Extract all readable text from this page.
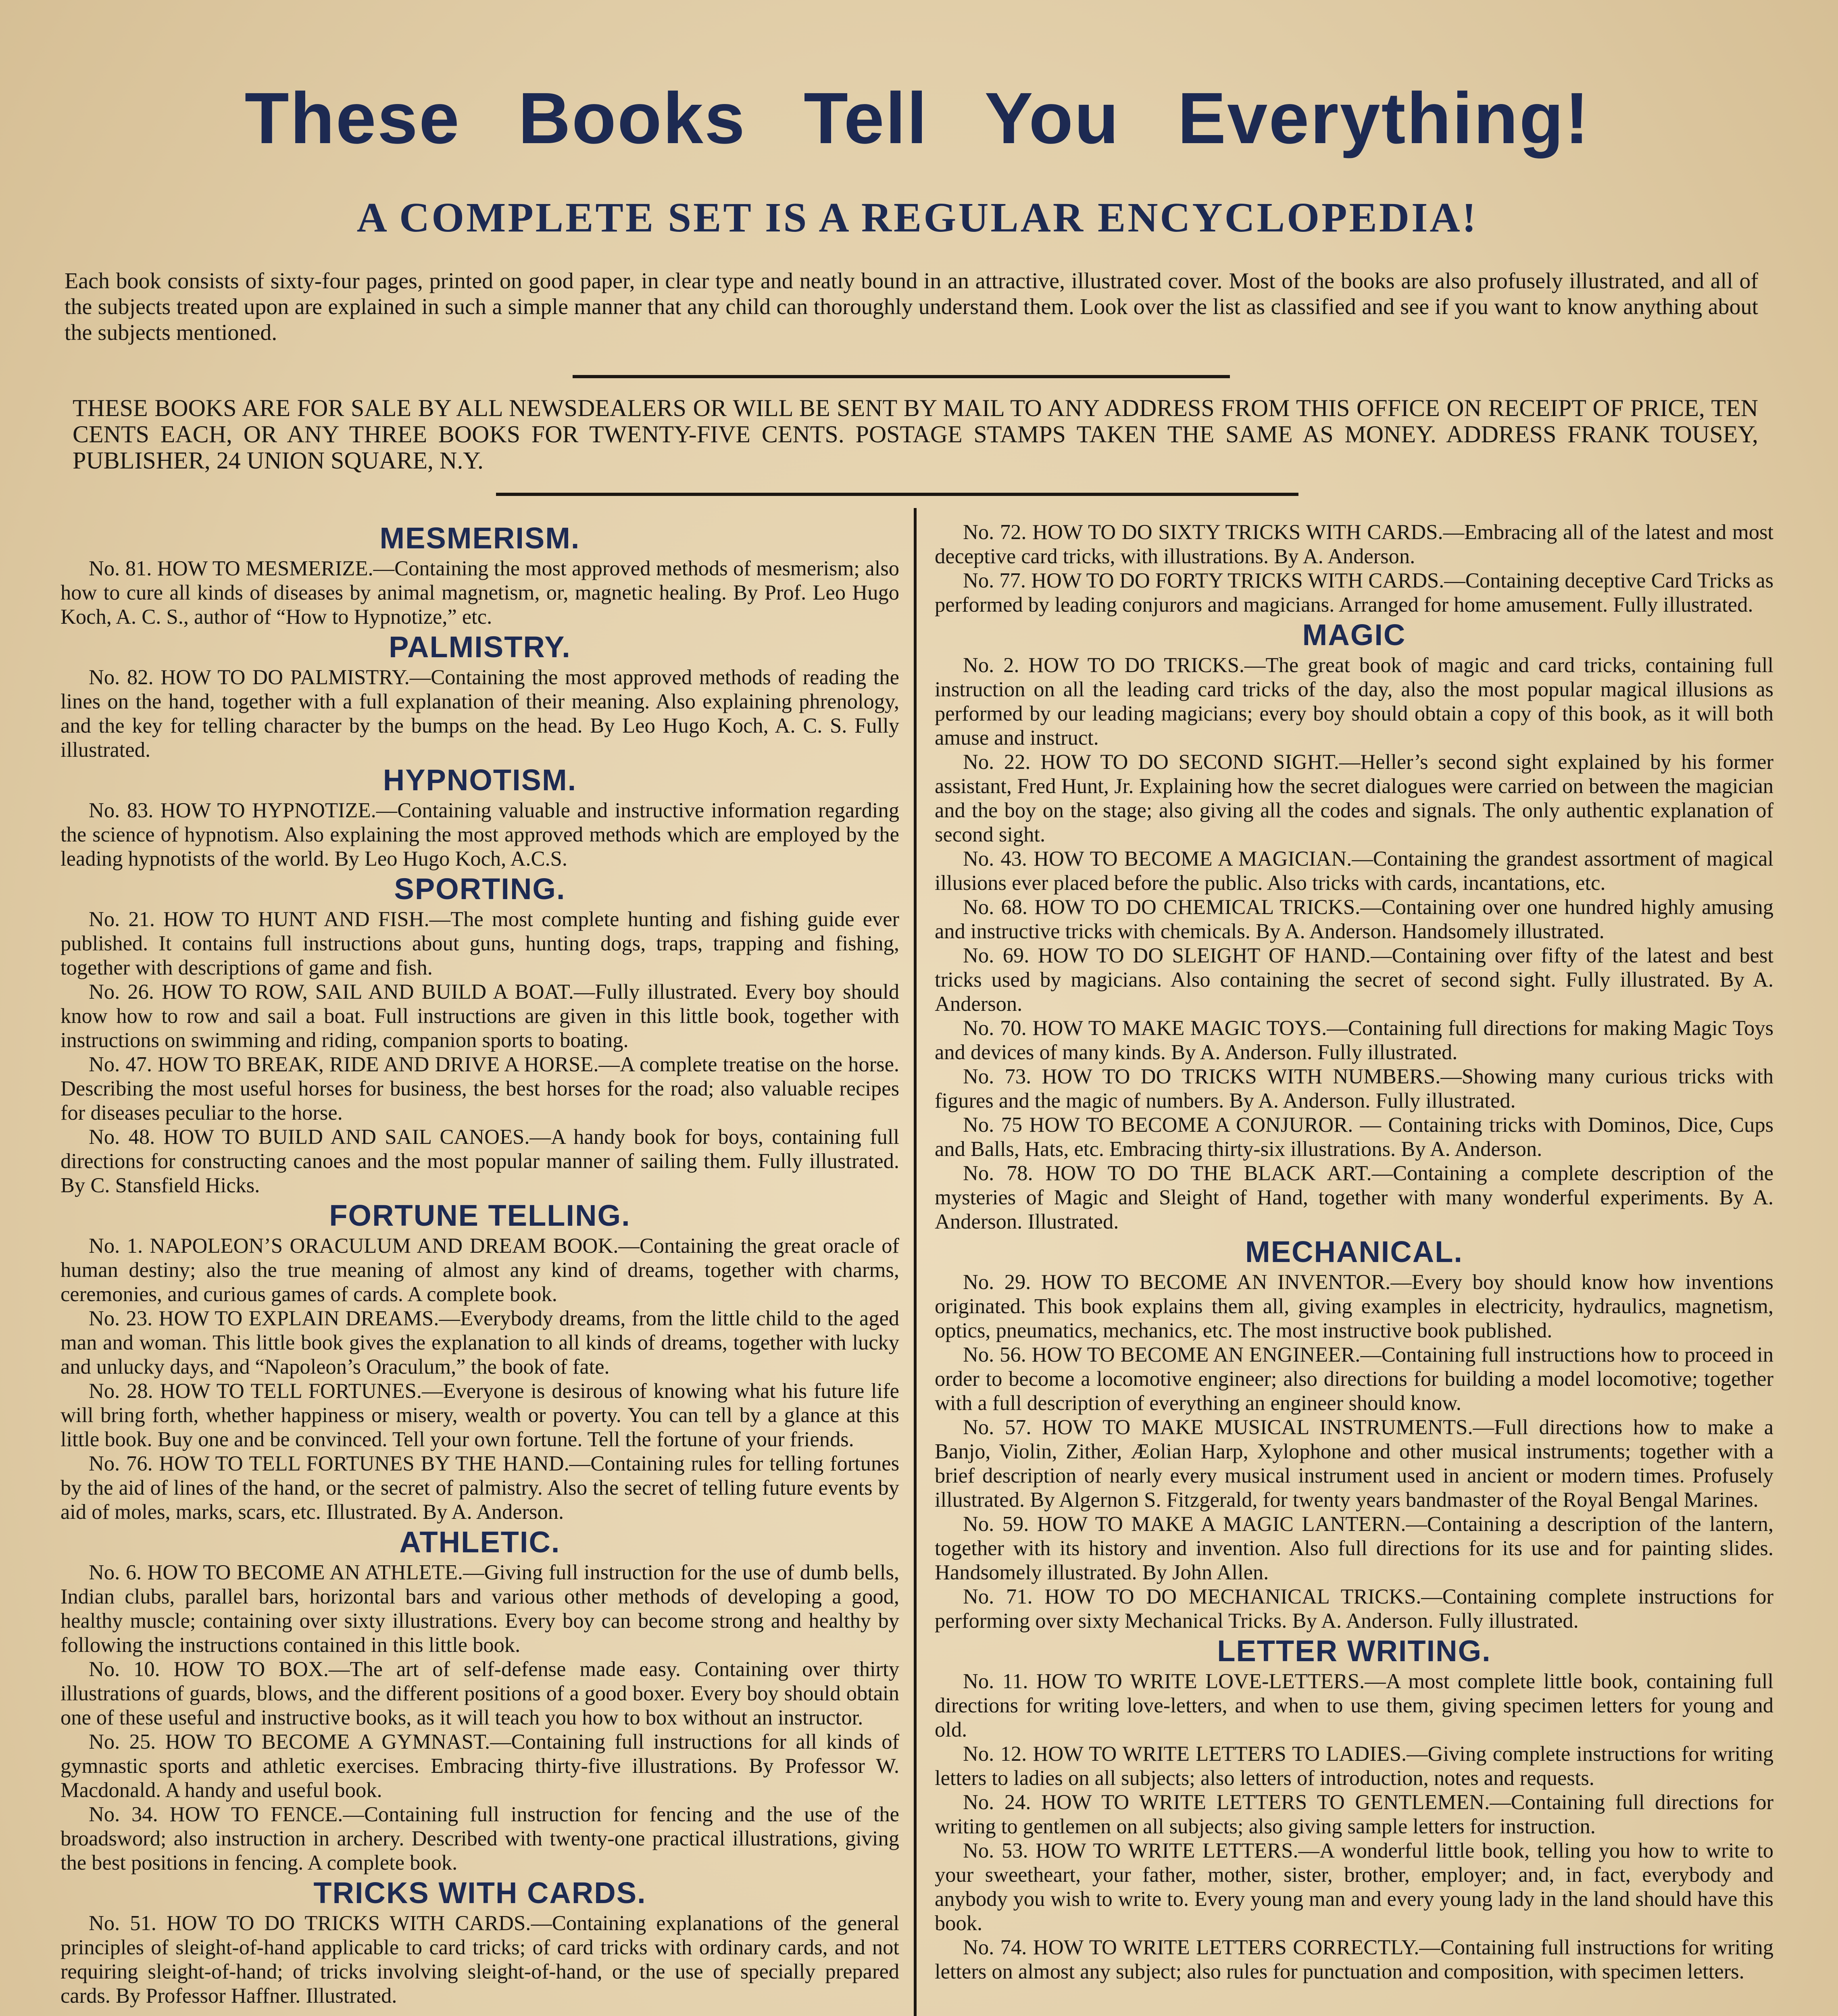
These Books Tell You Everything!
A COMPLETE SET IS A REGULAR ENCYCLOPEDIA!

Each book consists of sixty-four pages, printed on good paper, in clear type and neatly bound in an attractive, illustrated cover. Most of the books are also profusely illustrated, and all of the subjects treated upon are explained in such a simple manner that any child can thoroughly understand them. Look over the list as classified and see if you want to know anything about the subjects mentioned.

THESE BOOKS ARE FOR SALE BY ALL NEWSDEALERS OR WILL BE SENT BY MAIL TO ANY ADDRESS FROM THIS OFFICE ON RECEIPT OF PRICE, TEN CENTS EACH, OR ANY THREE BOOKS FOR TWENTY-FIVE CENTS. POSTAGE STAMPS TAKEN THE SAME AS MONEY. ADDRESS FRANK TOUSEY, PUBLISHER, 24 UNION SQUARE, N.Y.

MESMERISM.

No. 81. HOW TO MESMERIZE.—Containing the most approved methods of mesmerism; also how to cure all kinds of diseases by animal magnetism, or, magnetic healing. By Prof. Leo Hugo Koch, A. C. S., author of “How to Hypnotize,” etc.

PALMISTRY.

No. 82. HOW TO DO PALMISTRY.—Containing the most approved methods of reading the lines on the hand, together with a full explanation of their meaning. Also explaining phrenology, and the key for telling character by the bumps on the head. By Leo Hugo Koch, A. C. S. Fully illustrated.

HYPNOTISM.

No. 83. HOW TO HYPNOTIZE.—Containing valuable and instructive information regarding the science of hypnotism. Also explaining the most approved methods which are employed by the leading hypnotists of the world. By Leo Hugo Koch, A.C.S.

SPORTING.

No. 21. HOW TO HUNT AND FISH.—The most complete hunting and fishing guide ever published. It contains full instructions about guns, hunting dogs, traps, trapping and fishing, together with descriptions of game and fish.

No. 26. HOW TO ROW, SAIL AND BUILD A BOAT.—Fully illustrated. Every boy should know how to row and sail a boat. Full instructions are given in this little book, together with instructions on swimming and riding, companion sports to boating.

No. 47. HOW TO BREAK, RIDE AND DRIVE A HORSE.—A complete treatise on the horse. Describing the most useful horses for business, the best horses for the road; also valuable recipes for diseases peculiar to the horse.

No. 48. HOW TO BUILD AND SAIL CANOES.—A handy book for boys, containing full directions for constructing canoes and the most popular manner of sailing them. Fully illustrated. By C. Stansfield Hicks.

FORTUNE TELLING.

No. 1. NAPOLEON’S ORACULUM AND DREAM BOOK.—Containing the great oracle of human destiny; also the true meaning of almost any kind of dreams, together with charms, ceremonies, and curious games of cards. A complete book.

No. 23. HOW TO EXPLAIN DREAMS.—Everybody dreams, from the little child to the aged man and woman. This little book gives the explanation to all kinds of dreams, together with lucky and unlucky days, and “Napoleon’s Oraculum,” the book of fate.

No. 28. HOW TO TELL FORTUNES.—Everyone is desirous of knowing what his future life will bring forth, whether happiness or misery, wealth or poverty. You can tell by a glance at this little book. Buy one and be convinced. Tell your own fortune. Tell the fortune of your friends.

No. 76. HOW TO TELL FORTUNES BY THE HAND.—Containing rules for telling fortunes by the aid of lines of the hand, or the secret of palmistry. Also the secret of telling future events by aid of moles, marks, scars, etc. Illustrated. By A. Anderson.

ATHLETIC.

No. 6. HOW TO BECOME AN ATHLETE.—Giving full instruction for the use of dumb bells, Indian clubs, parallel bars, horizontal bars and various other methods of developing a good, healthy muscle; containing over sixty illustrations. Every boy can become strong and healthy by following the instructions contained in this little book.

No. 10. HOW TO BOX.—The art of self-defense made easy. Containing over thirty illustrations of guards, blows, and the different positions of a good boxer. Every boy should obtain one of these useful and instructive books, as it will teach you how to box without an instructor.

No. 25. HOW TO BECOME A GYMNAST.—Containing full instructions for all kinds of gymnastic sports and athletic exercises. Embracing thirty-five illustrations. By Professor W. Macdonald. A handy and useful book.

No. 34. HOW TO FENCE.—Containing full instruction for fencing and the use of the broadsword; also instruction in archery. Described with twenty-one practical illustrations, giving the best positions in fencing. A complete book.

TRICKS WITH CARDS.

No. 51. HOW TO DO TRICKS WITH CARDS.—Containing explanations of the general principles of sleight-of-hand applicable to card tricks; of card tricks with ordinary cards, and not requiring sleight-of-hand; of tricks involving sleight-of-hand, or the use of specially prepared cards. By Professor Haffner. Illustrated.

No. 72. HOW TO DO SIXTY TRICKS WITH CARDS.—Embracing all of the latest and most deceptive card tricks, with illustrations. By A. Anderson.

No. 77. HOW TO DO FORTY TRICKS WITH CARDS.—Containing deceptive Card Tricks as performed by leading conjurors and magicians. Arranged for home amusement. Fully illustrated.

MAGIC

No. 2. HOW TO DO TRICKS.—The great book of magic and card tricks, containing full instruction on all the leading card tricks of the day, also the most popular magical illusions as performed by our leading magicians; every boy should obtain a copy of this book, as it will both amuse and instruct.

No. 22. HOW TO DO SECOND SIGHT.—Heller’s second sight explained by his former assistant, Fred Hunt, Jr. Explaining how the secret dialogues were carried on between the magician and the boy on the stage; also giving all the codes and signals. The only authentic explanation of second sight.

No. 43. HOW TO BECOME A MAGICIAN.—Containing the grandest assortment of magical illusions ever placed before the public. Also tricks with cards, incantations, etc.

No. 68. HOW TO DO CHEMICAL TRICKS.—Containing over one hundred highly amusing and instructive tricks with chemicals. By A. Anderson. Handsomely illustrated.

No. 69. HOW TO DO SLEIGHT OF HAND.—Containing over fifty of the latest and best tricks used by magicians. Also containing the secret of second sight. Fully illustrated. By A. Anderson.

No. 70. HOW TO MAKE MAGIC TOYS.—Containing full directions for making Magic Toys and devices of many kinds. By A. Anderson. Fully illustrated.

No. 73. HOW TO DO TRICKS WITH NUMBERS.—Showing many curious tricks with figures and the magic of numbers. By A. Anderson. Fully illustrated.

No. 75 HOW TO BECOME A CONJUROR. — Containing tricks with Dominos, Dice, Cups and Balls, Hats, etc. Embracing thirty-six illustrations. By A. Anderson.

No. 78. HOW TO DO THE BLACK ART.—Containing a complete description of the mysteries of Magic and Sleight of Hand, together with many wonderful experiments. By A. Anderson. Illustrated.

MECHANICAL.

No. 29. HOW TO BECOME AN INVENTOR.—Every boy should know how inventions originated. This book explains them all, giving examples in electricity, hydraulics, magnetism, optics, pneumatics, mechanics, etc. The most instructive book published.

No. 56. HOW TO BECOME AN ENGINEER.—Containing full instructions how to proceed in order to become a locomotive engineer; also directions for building a model locomotive; together with a full description of everything an engineer should know.

No. 57. HOW TO MAKE MUSICAL INSTRUMENTS.—Full directions how to make a Banjo, Violin, Zither, Æolian Harp, Xylophone and other musical instruments; together with a brief description of nearly every musical instrument used in ancient or modern times. Profusely illustrated. By Algernon S. Fitzgerald, for twenty years bandmaster of the Royal Bengal Marines.

No. 59. HOW TO MAKE A MAGIC LANTERN.—Containing a description of the lantern, together with its history and invention. Also full directions for its use and for painting slides. Handsomely illustrated. By John Allen.

No. 71. HOW TO DO MECHANICAL TRICKS.—Containing complete instructions for performing over sixty Mechanical Tricks. By A. Anderson. Fully illustrated.

LETTER WRITING.

No. 11. HOW TO WRITE LOVE-LETTERS.—A most complete little book, containing full directions for writing love-letters, and when to use them, giving specimen letters for young and old.

No. 12. HOW TO WRITE LETTERS TO LADIES.—Giving complete instructions for writing letters to ladies on all subjects; also letters of introduction, notes and requests.

No. 24. HOW TO WRITE LETTERS TO GENTLEMEN.—Containing full directions for writing to gentlemen on all subjects; also giving sample letters for instruction.

No. 53. HOW TO WRITE LETTERS.—A wonderful little book, telling you how to write to your sweetheart, your father, mother, sister, brother, employer; and, in fact, everybody and anybody you wish to write to. Every young man and every young lady in the land should have this book.

No. 74. HOW TO WRITE LETTERS CORRECTLY.—Containing full instructions for writing letters on almost any subject; also rules for punctuation and composition, with specimen letters.
